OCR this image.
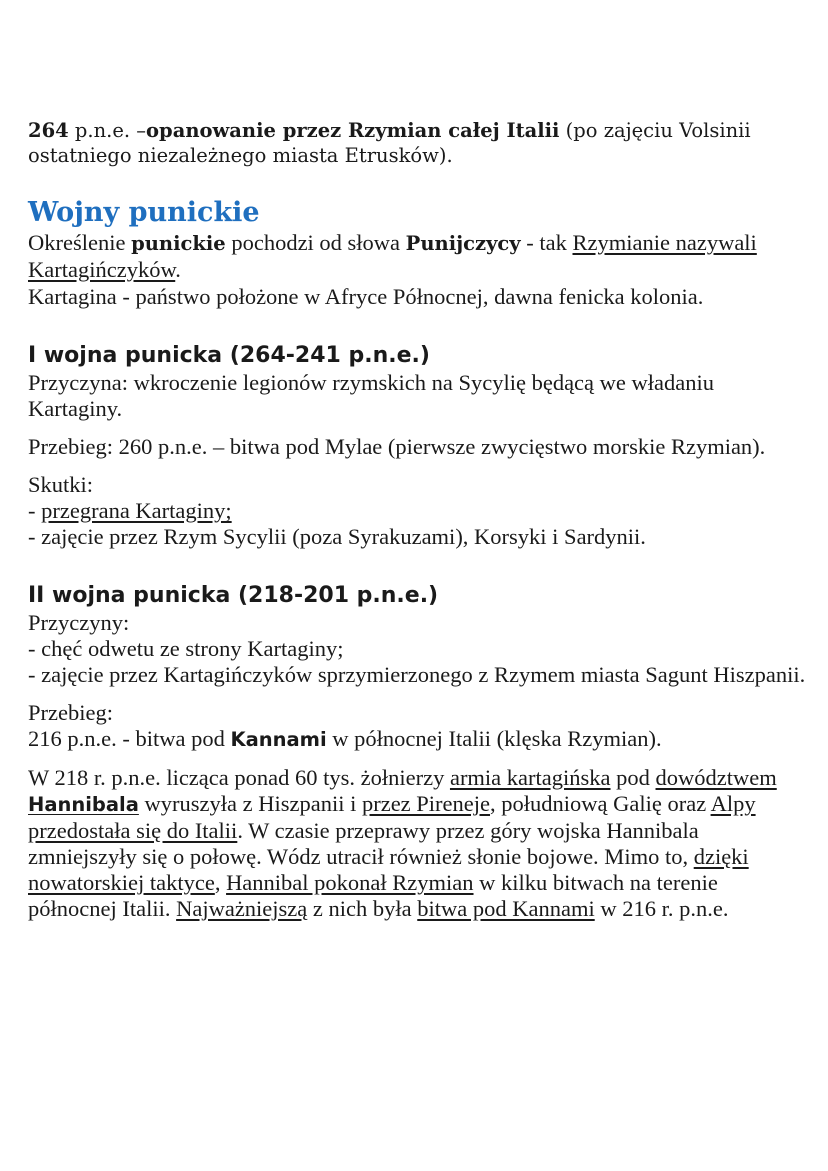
264 p.n.e. –opanowanie przez Rzymian całej Italii (po zajęciu Volsinii ostatniego niezależnego miasta Etrusków).

Wojny punickie

Określenie punickie pochodzi od słowa Punijczycy - tak Rzymianie nazywali Kartagińczyków.

Kartagina - państwo położone w Afryce Północnej, dawna fenicka kolonia.

I wojna punicka (264-241 p.n.e.)

Przyczyna: wkroczenie legionów rzymskich na Sycylię będącą we władaniu Kartaginy.

Przebieg: 260 p.n.e. – bitwa pod Mylae (pierwsze zwycięstwo morskie Rzymian).

Skutki:

- przegrana Kartaginy;

- zajęcie przez Rzym Sycylii (poza Syrakuzami), Korsyki i Sardynii.

II wojna punicka (218-201 p.n.e.)

Przyczyny:

- chęć odwetu ze strony Kartaginy;

- zajęcie przez Kartagińczyków sprzymierzonego z Rzymem miasta Sagunt Hiszpanii.

Przebieg:

216 p.n.e. - bitwa pod Kannami w północnej Italii (klęska Rzymian).

W 218 r. p.n.e. licząca ponad 60 tys. żołnierzy armia kartagińska pod dowództwem Hannibala wyruszyła z Hiszpanii i przez Pireneje, południową Galię oraz Alpy przedostała się do Italii. W czasie przeprawy przez góry wojska Hannibala zmniejszyły się o połowę. Wódz utracił również słonie bojowe. Mimo to, dzięki nowatorskiej taktyce, Hannibal pokonał Rzymian w kilku bitwach na terenie północnej Italii. Najważniejszą z nich była bitwa pod Kannami w 216 r. p.n.e.
